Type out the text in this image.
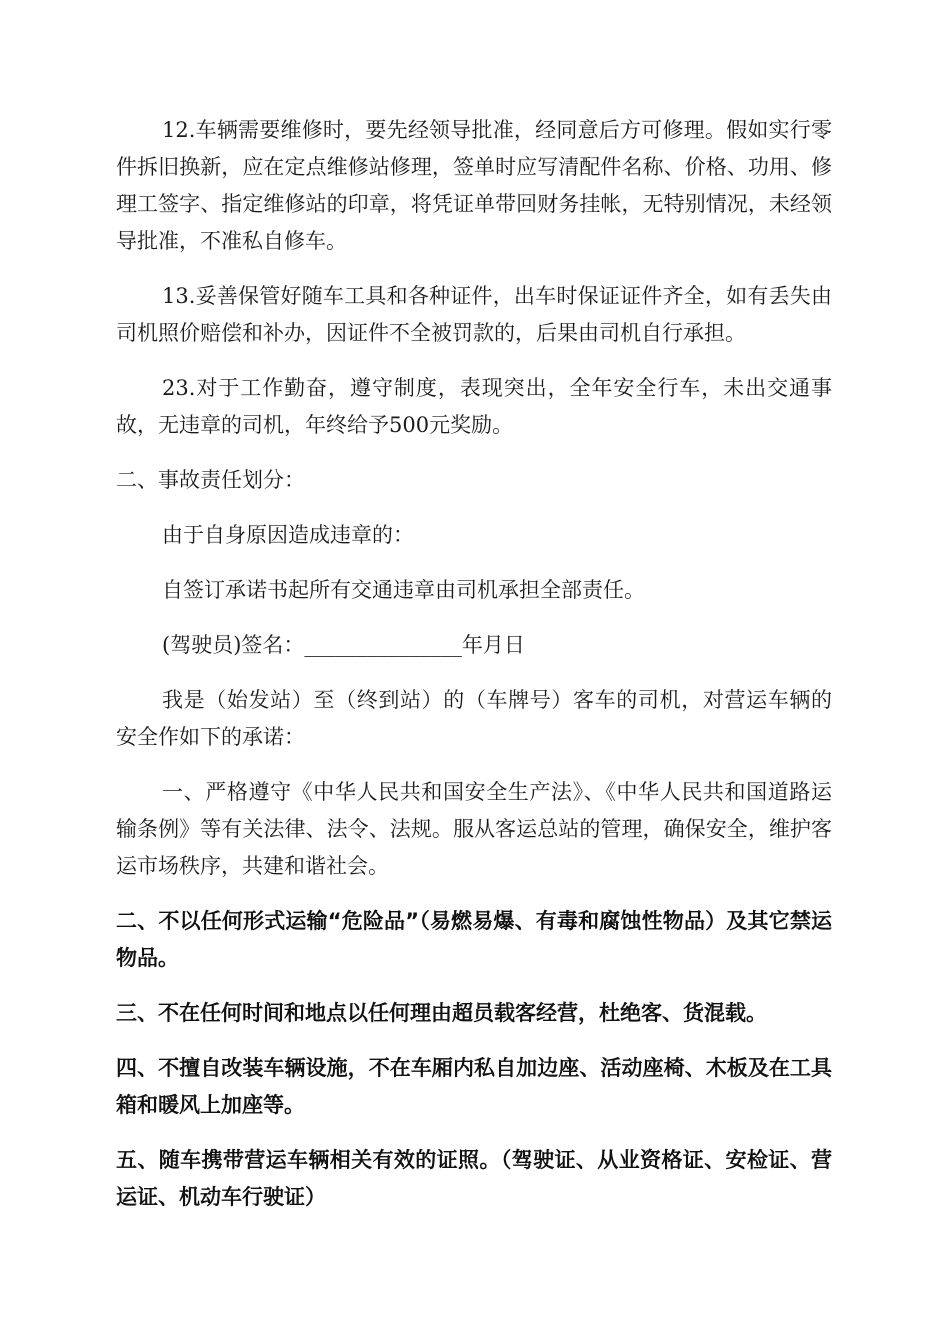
12.车辆需要维修时，要先经领导批准，经同意后方可修理。假如实行零件拆旧换新，应在定点维修站修理，签单时应写清配件名称、价格、功用、修理工签字、指定维修站的印章，将凭证单带回财务挂帐，无特别情况，未经领导批准，不准私自修车。

13.妥善保管好随车工具和各种证件，出车时保证证件齐全，如有丢失由司机照价赔偿和补办，因证件不全被罚款的，后果由司机自行承担。

23.对于工作勤奋，遵守制度，表现突出，全年安全行车，未出交通事故，无违章的司机，年终给予500元奖励。

二、事故责任划分：

由于自身原因造成违章的：

自签订承诺书起所有交通违章由司机承担全部责任。

(驾驶员)签名：_______________年月日

我是（始发站）至（终到站）的（车牌号）客车的司机，对营运车辆的安全作如下的承诺：

一、严格遵守《中华人民共和国安全生产法》、《中华人民共和国道路运输条例》等有关法律、法令、法规。服从客运总站的管理，确保安全，维护客运市场秩序，共建和谐社会。

二、不以任何形式运输“危险品”（易燃易爆、有毒和腐蚀性物品）及其它禁运物品。

三、不在任何时间和地点以任何理由超员载客经营，杜绝客、货混载。

四、不擅自改装车辆设施，不在车厢内私自加边座、活动座椅、木板及在工具箱和暖风上加座等。

五、随车携带营运车辆相关有效的证照。（驾驶证、从业资格证、安检证、营运证、机动车行驶证）
